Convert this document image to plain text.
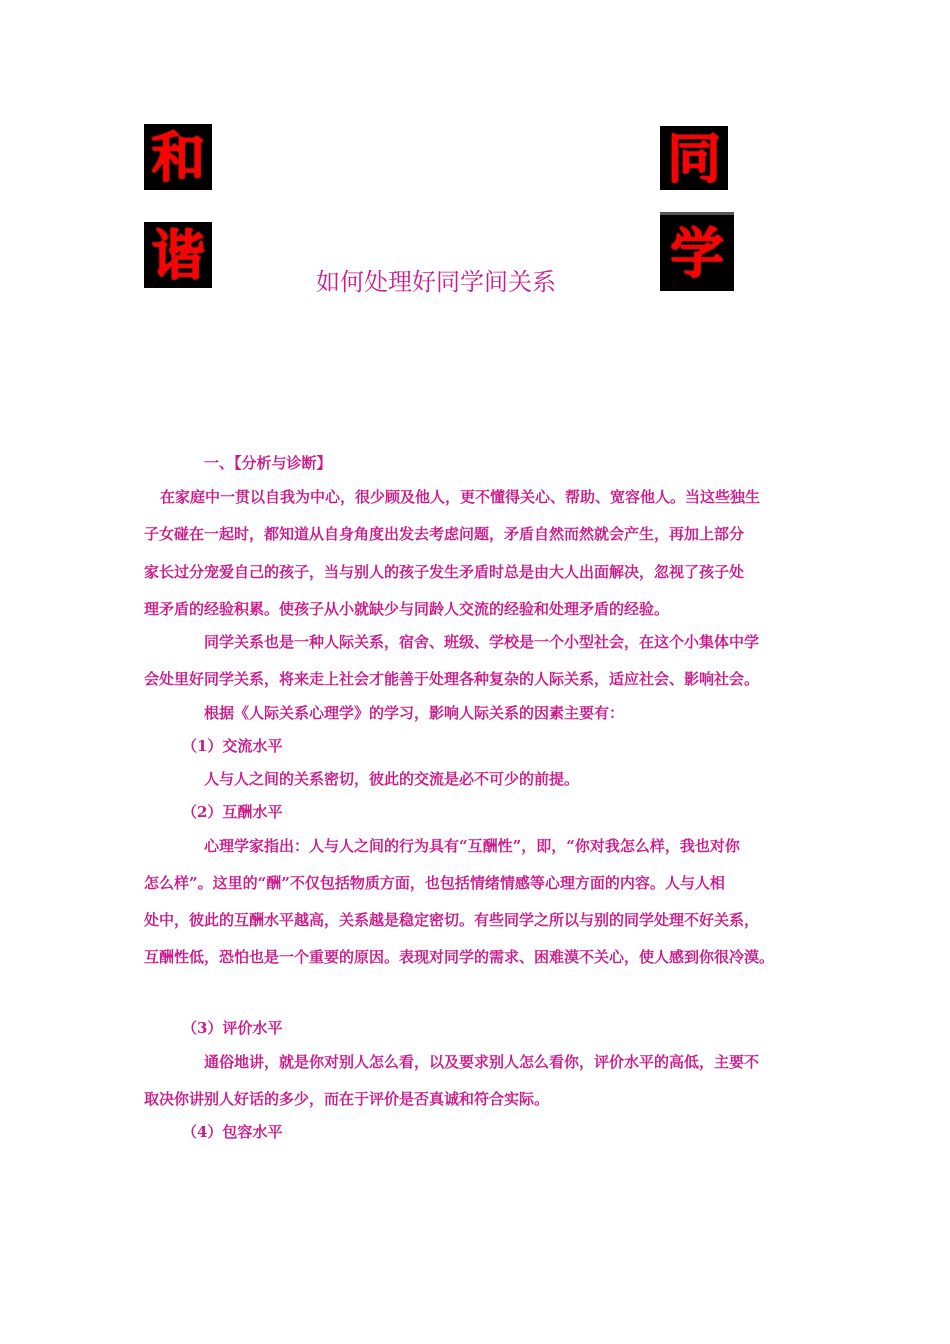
和
谐
同
学
如何处理好同学间关系
一、【分析与诊断】
在家庭中一贯以自我为中心，很少顾及他人，更不懂得关心、帮助、宽容他人。当这些独生
子女碰在一起时，都知道从自身角度出发去考虑问题，矛盾自然而然就会产生，再加上部分
家长过分宠爱自己的孩子，当与别人的孩子发生矛盾时总是由大人出面解决，忽视了孩子处
理矛盾的经验积累。使孩子从小就缺少与同龄人交流的经验和处理矛盾的经验。
同学关系也是一种人际关系，宿舍、班级、学校是一个小型社会，在这个小集体中学
会处里好同学关系，将来走上社会才能善于处理各种复杂的人际关系，适应社会、影响社会。
根据《人际关系心理学》的学习，影响人际关系的因素主要有：
（1）交流水平
人与人之间的关系密切，彼此的交流是必不可少的前提。
（2）互酬水平
心理学家指出：人与人之间的行为具有“互酬性”，即，“你对我怎么样，我也对你
怎么样”。这里的“酬”不仅包括物质方面，也包括情绪情感等心理方面的内容。人与人相
处中，彼此的互酬水平越高，关系越是稳定密切。有些同学之所以与别的同学处理不好关系，
互酬性低，恐怕也是一个重要的原因。表现对同学的需求、困难漠不关心，使人感到你很冷漠。
（3）评价水平
通俗地讲，就是你对别人怎么看，以及要求别人怎么看你，评价水平的高低，主要不
取决你讲别人好话的多少，而在于评价是否真诚和符合实际。
（4）包容水平
